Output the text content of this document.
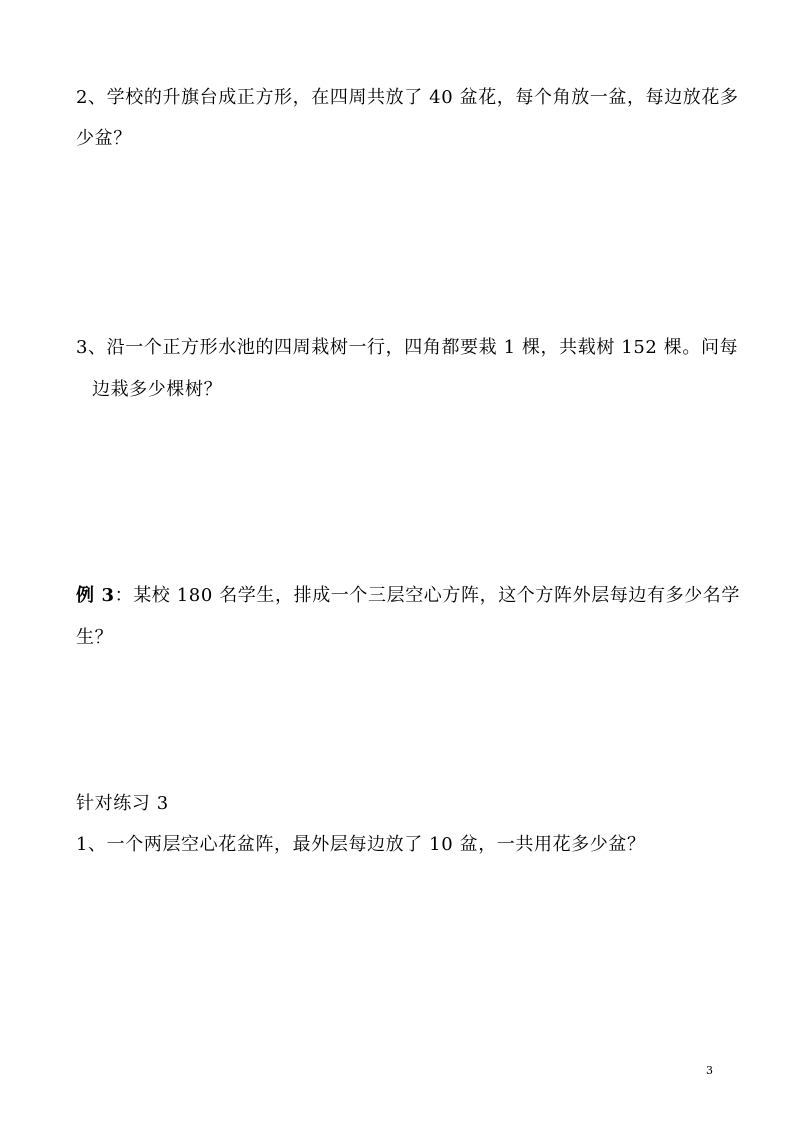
2、学校的升旗台成正方形，在四周共放了 40 盆花，每个角放一盆，每边放花多
少盆？
3、沿一个正方形水池的四周栽树一行，四角都要栽 1 棵，共载树 152 棵。问每
边栽多少棵树？
例 3：某校 180 名学生，排成一个三层空心方阵，这个方阵外层每边有多少名学
生？
针对练习 3
1、一个两层空心花盆阵，最外层每边放了 10 盆，一共用花多少盆？
3
